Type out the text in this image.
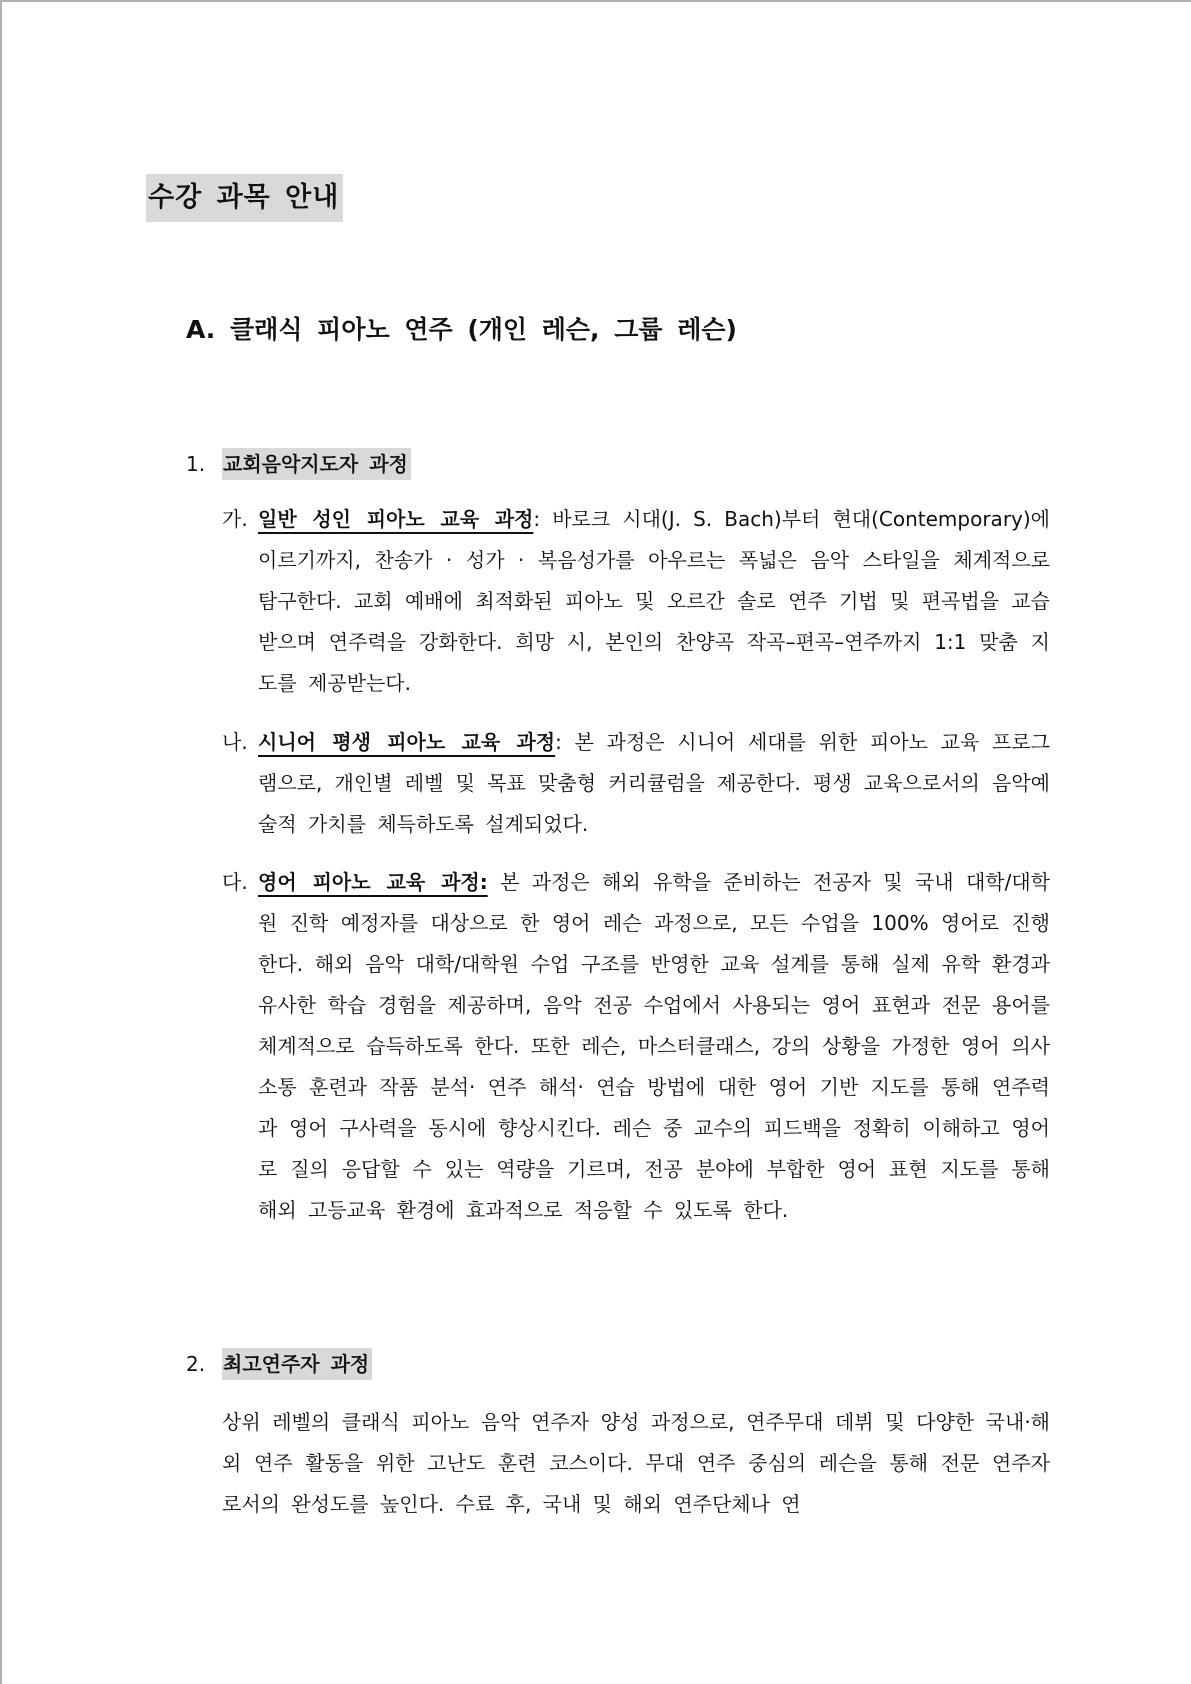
수강 과목 안내
A. 클래식 피아노 연주 (개인 레슨, 그룹 레슨)
1. 교회음악지도자 과정
가. 일반 성인 피아노 교육 과정: 바로크 시대(J. S. Bach)부터 현대(Contemporary)에 이르기까지, 찬송가 · 성가 · 복음성가를 아우르는 폭넓은 음악 스타일을 체계적으로 탐구한다. 교회 예배에 최적화된 피아노 및 오르간 솔로 연주 기법 및 편곡법을 교습 받으며 연주력을 강화한다. 희망 시, 본인의 찬양곡 작곡–편곡–연주까지 1:1 맞춤 지도를 제공받는다.
나. 시니어 평생 피아노 교육 과정: 본 과정은 시니어 세대를 위한 피아노 교육 프로그램으로, 개인별 레벨 및 목표 맞춤형 커리큘럼을 제공한다. 평생 교육으로서의 음악예술적 가치를 체득하도록 설계되었다.
다. 영어 피아노 교육 과정: 본 과정은 해외 유학을 준비하는 전공자 및 국내 대학/대학원 진학 예정자를 대상으로 한 영어 레슨 과정으로, 모든 수업을 100% 영어로 진행한다. 해외 음악 대학/대학원 수업 구조를 반영한 교육 설계를 통해 실제 유학 환경과 유사한 학습 경험을 제공하며, 음악 전공 수업에서 사용되는 영어 표현과 전문 용어를 체계적으로 습득하도록 한다. 또한 레슨, 마스터클래스, 강의 상황을 가정한 영어 의사소통 훈련과 작품 분석· 연주 해석· 연습 방법에 대한 영어 기반 지도를 통해 연주력과 영어 구사력을 동시에 향상시킨다. 레슨 중 교수의 피드백을 정확히 이해하고 영어로 질의 응답할 수 있는 역량을 기르며, 전공 분야에 부합한 영어 표현 지도를 통해 해외 고등교육 환경에 효과적으로 적응할 수 있도록 한다.
2. 최고연주자 과정
상위 레벨의 클래식 피아노 음악 연주자 양성 과정으로, 연주무대 데뷔 및 다양한 국내·해외 연주 활동을 위한 고난도 훈련 코스이다. 무대 연주 중심의 레슨을 통해 전문 연주자로서의 완성도를 높인다. 수료 후, 국내 및 해외 연주단체나 연
